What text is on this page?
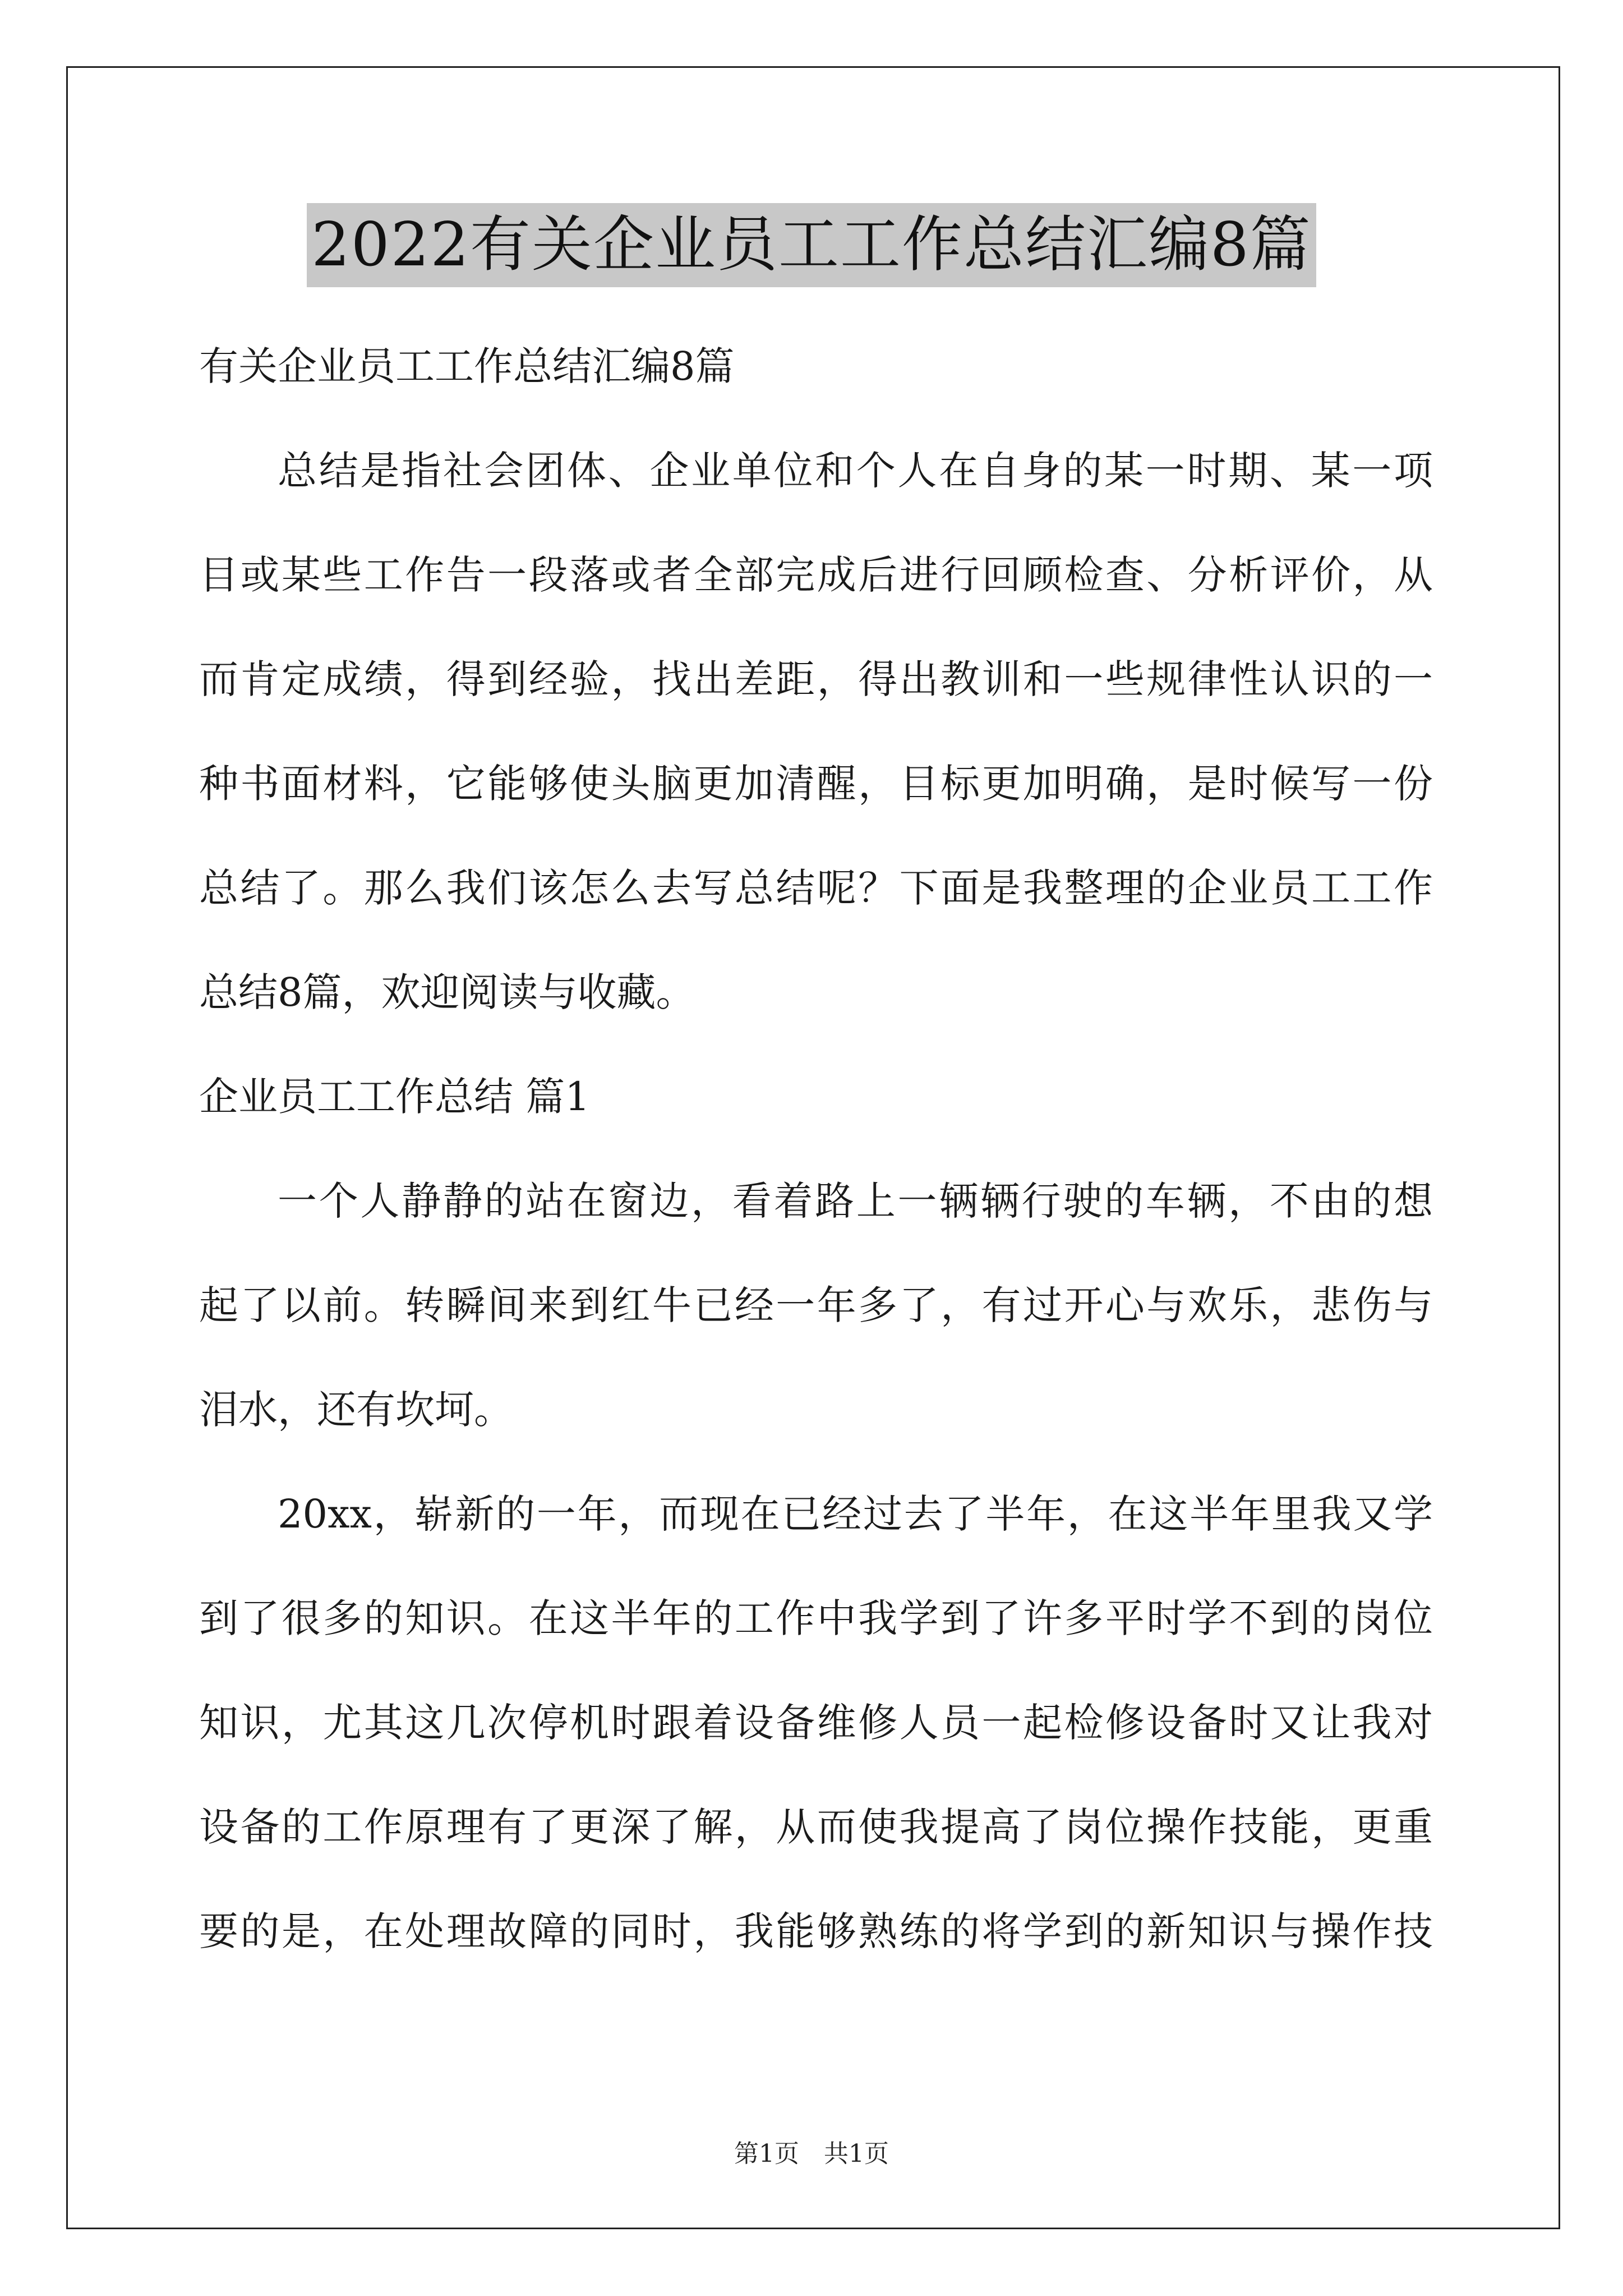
2022有关企业员工工作总结汇编8篇
有关企业员工工作总结汇编8篇
总结是指社会团体、企业单位和个人在自身的某一时期、某一项
目或某些工作告一段落或者全部完成后进行回顾检查、分析评价，从
而肯定成绩，得到经验，找出差距，得出教训和一些规律性认识的一
种书面材料，它能够使头脑更加清醒，目标更加明确，是时候写一份
总结了。那么我们该怎么去写总结呢？下面是我整理的企业员工工作
总结8篇，欢迎阅读与收藏。
企业员工工作总结 篇1
一个人静静的站在窗边，看着路上一辆辆行驶的车辆，不由的想
起了以前。转瞬间来到红牛已经一年多了，有过开心与欢乐，悲伤与
泪水，还有坎坷。
20xx，崭新的一年，而现在已经过去了半年，在这半年里我又学
到了很多的知识。在这半年的工作中我学到了许多平时学不到的岗位
知识，尤其这几次停机时跟着设备维修人员一起检修设备时又让我对
设备的工作原理有了更深了解，从而使我提高了岗位操作技能，更重
要的是，在处理故障的同时，我能够熟练的将学到的新知识与操作技
第1页 共1页
